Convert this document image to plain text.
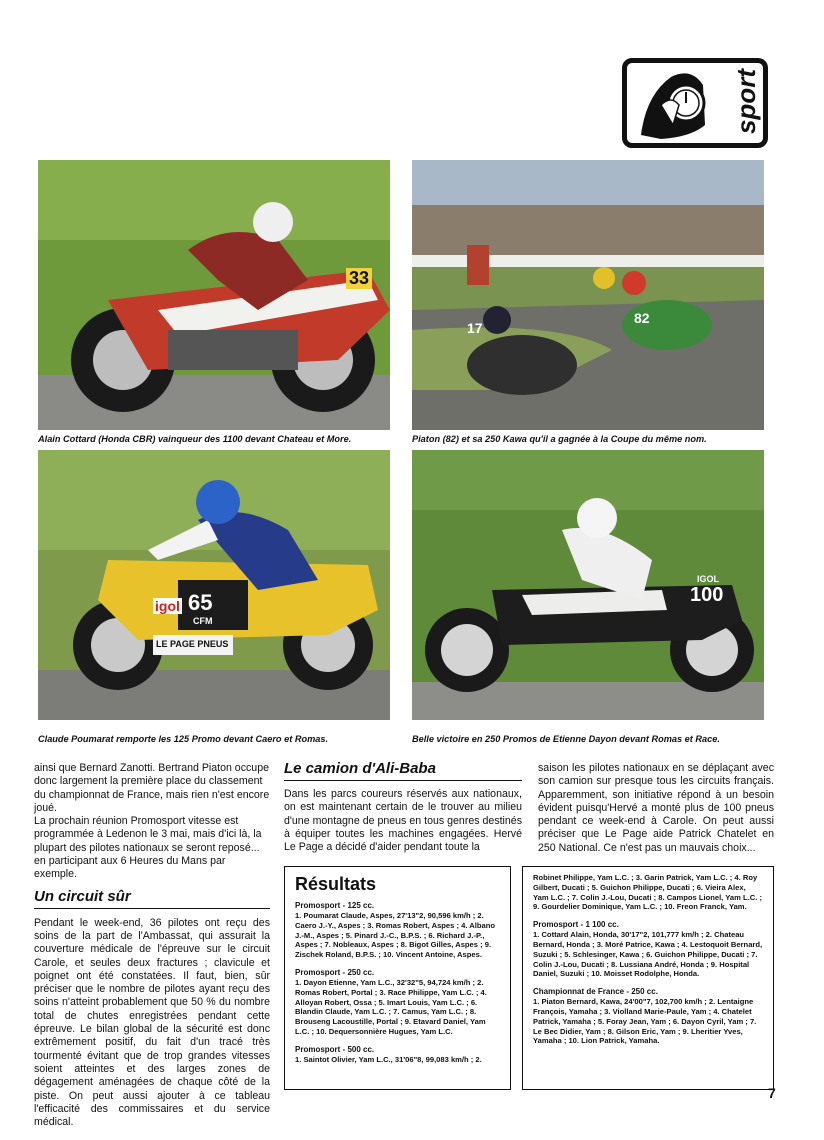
sport
33
Alain Cottard (Honda CBR) vainqueur des 1100 devant Chateau et More.
17
82
Piaton (82) et sa 250 Kawa qu'il a gagnée à la Coupe du même nom.
65
CFM
igol
LE PAGE PNEUS
Claude Poumarat remporte les 125 Promo devant Caero et Romas.
100
IGOL
Belle victoire en 250 Promos de Etienne Dayon devant Romas et Race.

ainsi que Bernard Zanotti. Bertrand Piaton occupe donc largement la première place du classement du championnat de France, mais rien n'est encore joué.

La prochain réunion Promosport vitesse est programmée à Ledenon le 3 mai, mais d'ici là, la plupart des pilotes nationaux se seront reposé... en participant aux 6 Heures du Mans par exemple.

Un circuit sûr

Pendant le week-end, 36 pilotes ont reçu des soins de la part de l'Ambassat, qui assurait la couverture médicale de l'épreuve sur le circuit Carole, et seules deux fractures ; clavicule et poignet ont été constatées. Il faut, bien, sûr préciser que le nombre de pilotes ayant reçu des soins n'atteint probablement que 50 % du nombre total de chutes enregistrées pendant cette épreuve. Le bilan global de la sécurité est donc extrêmement positif, du fait d'un tracé très tourmenté évitant que de trop grandes vitesses soient atteintes et des larges zones de dégagement aménagées de chaque côté de la piste. On peut aussi ajouter à ce tableau l'efficacité des commissaires et du service médical.

Le camion d'Ali-Baba

Dans les parcs coureurs réservés aux nationaux, on est maintenant certain de le trouver au milieu d'une montagne de pneus en tous genres destinés à équiper toutes les machines engagées. Hervé Le Page a décidé d'aider pendant toute la

saison les pilotes nationaux en se déplaçant avec son camion sur presque tous les circuits français. Apparemment, son initiative répond à un besoin évident puisqu'Hervé a monté plus de 100 pneus pendant ce week-end à Carole. On peut aussi préciser que Le Page aide Patrick Chatelet en 250 National. Ce n'est pas un mauvais choix...

Résultats
Promosport - 125 cc.
1. Poumarat Claude, Aspes, 27'13"2, 90,596 km/h ; 2. Caero J.-Y., Aspes ; 3. Romas Robert, Aspes ; 4. Albano J.-M., Aspes ; 5. Pinard J.-C., B.P.S. ; 6. Richard J.-P., Aspes ; 7. Nobleaux, Aspes ; 8. Bigot Gilles, Aspes ; 9. Zischek Roland, B.P.S. ; 10. Vincent Antoine, Aspes.
Promosport - 250 cc.
1. Dayon Etienne, Yam L.C., 32'32"5, 94,724 km/h ; 2. Romas Robert, Portal ; 3. Race Philippe, Yam L.C. ; 4. Alloyan Robert, Ossa ; 5. Imart Louis, Yam L.C. ; 6. Blandin Claude, Yam L.C. ; 7. Camus, Yam L.C. ; 8. Brouseng Lacoustille, Portal ; 9. Etavard Daniel, Yam L.C. ; 10. Dequersonnière Hugues, Yam L.C.
Promosport - 500 cc.
1. Saintot Olivier, Yam L.C., 31'06"8, 99,083 km/h ; 2.
Robinet Philippe, Yam L.C. ; 3. Garin Patrick, Yam L.C. ; 4. Roy Gilbert, Ducati ; 5. Guichon Philippe, Ducati ; 6. Vieira Alex, Yam L.C. ; 7. Colin J.-Lou, Ducati ; 8. Campos Lionel, Yam L.C. ; 9. Gourdelier Dominique, Yam L.C. ; 10. Freon Franck, Yam.
Promosport - 1 100 cc.
1. Cottard Alain, Honda, 30'17"2, 101,777 km/h ; 2. Chateau Bernard, Honda ; 3. Moré Patrice, Kawa ; 4. Lestoquoit Bernard, Suzuki ; 5. Schlesinger, Kawa ; 6. Guichon Philippe, Ducati ; 7. Colin J.-Lou, Ducati ; 8. Lussiana André, Honda ; 9. Hospital Daniel, Suzuki ; 10. Moisset Rodolphe, Honda.
Championnat de France - 250 cc.
1. Piaton Bernard, Kawa, 24'00"7, 102,700 km/h ; 2. Lentaigne François, Yamaha ; 3. Violland Marie-Paule, Yam ; 4. Chatelet Patrick, Yamaha ; 5. Foray Jean, Yam ; 6. Dayon Cyril, Yam ; 7. Le Bec Didier, Yam ; 8. Gilson Eric, Yam ; 9. Lheritier Yves, Yamaha ; 10. Lion Patrick, Yamaha.
7
